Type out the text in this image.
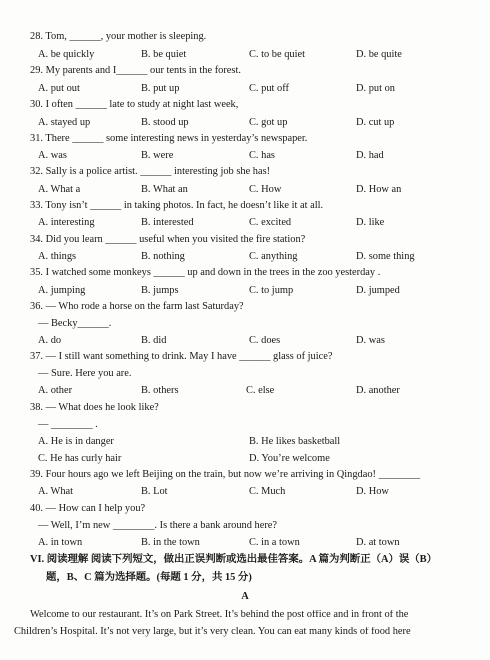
28. Tom, ______, your mother is sleeping.
A. be quickly	B. be quiet	C. to be quiet	D. be quite
29. My parents and I______ our tents in the forest.
A. put out	B. put up	C. put off	D. put on
30. I often ______ late to study at night last week,
A. stayed up	B. stood up	C. got up	D. cut up
31. There ______ some interesting news in yesterday’s newspaper.
A. was	B. were	C. has	D. had
32. Sally is a police artist. ______ interesting job she has!
A. What a	B. What an	C. How	D. How an
33. Tony isn’t ______ in taking photos. In fact, he doesn’t like it at all.
A. interesting	B. interested	C. excited	D. like
34. Did you learn ______ useful when you visited the fire station?
A. things	B. nothing	C. anything	D. some thing
35. I watched some monkeys ______ up and down in the trees in the zoo yesterday .
A. jumping	B. jumps	C. to jump	D. jumped
36. — Who rode a horse on the farm last Saturday?
— Becky______.
A. do	B. did	C. does	D. was
37. — I still want something to drink. May I have ______ glass of juice?
— Sure. Here you are.
A. other	B. others	C. else	D. another
38. — What does he look like?
— ________ .
A. He is in danger	B. He likes basketball
C. He has curly hair	D. You’re welcome
39. Four hours ago we left Beijing on the train, but now we’re arriving in Qingdao! ________
A. What	B. Lot	C. Much	D. How
40. — How can I help you?
— Well, I’m new ________. Is there a bank around here?
A. in town	B. in the town	C. in a town	D. at town
VI. 阅读理解 阅读下列短文，做出正误判断或选出最佳答案。A 篇为判断正（A）误（B）
题，B、C 篇为选择题。(每题 1 分，共 15 分)
A
Welcome to our restaurant. It’s on Park Street. It’s behind the post office and in front of the
Children’s Hospital. It’s not very large, but it’s very clean. You can eat many kinds of food here
